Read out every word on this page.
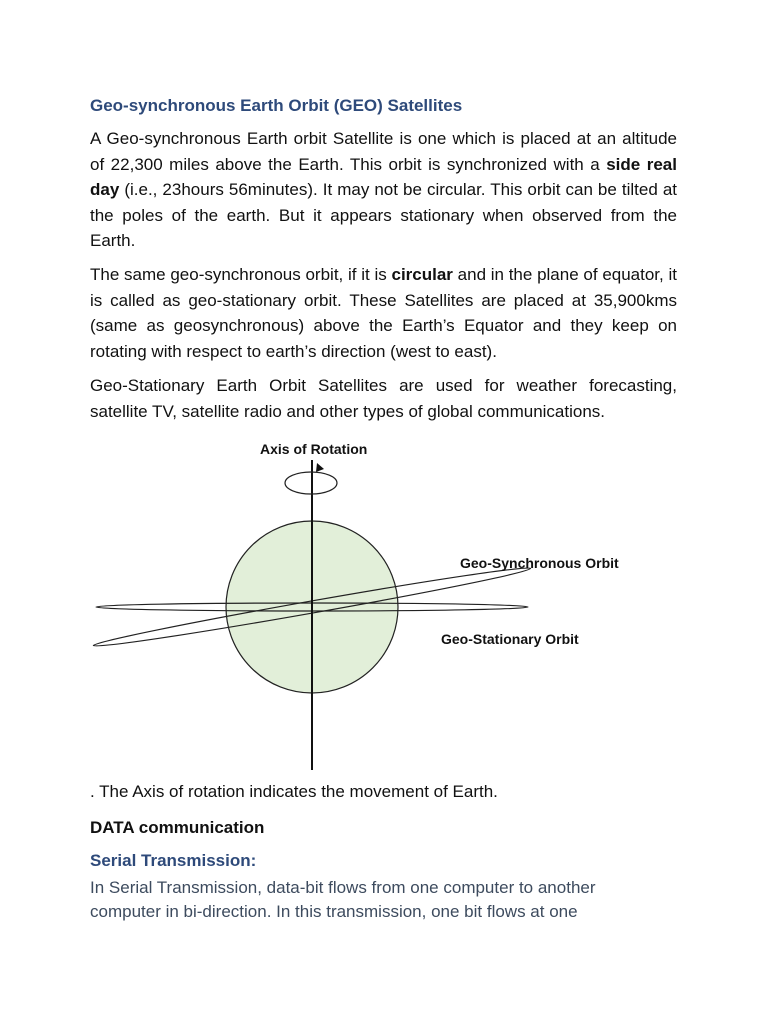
Geo-synchronous Earth Orbit (GEO) Satellites

A Geo-synchronous Earth orbit Satellite is one which is placed at an altitude of 22,300 miles above the Earth. This orbit is synchronized with a side real day (i.e., 23hours 56minutes). It may not be circular. This orbit can be tilted at the poles of the earth. But it appears stationary when observed from the Earth.

The same geo-synchronous orbit, if it is circular and in the plane of equator, it is called as geo-stationary orbit. These Satellites are placed at 35,900kms (same as geosynchronous) above the Earth’s Equator and they keep on rotating with respect to earth’s direction (west to east).

Geo-Stationary Earth Orbit Satellites are used for weather forecasting, satellite TV, satellite radio and other types of global communications.

Axis of Rotation
Geo-Synchronous Orbit
Geo-Stationary Orbit
. The Axis of rotation indicates the movement of Earth.
DATA communication
Serial Transmission:

In Serial Transmission, data-bit flows from one computer to another computer in bi-direction. In this transmission, one bit flows at one
